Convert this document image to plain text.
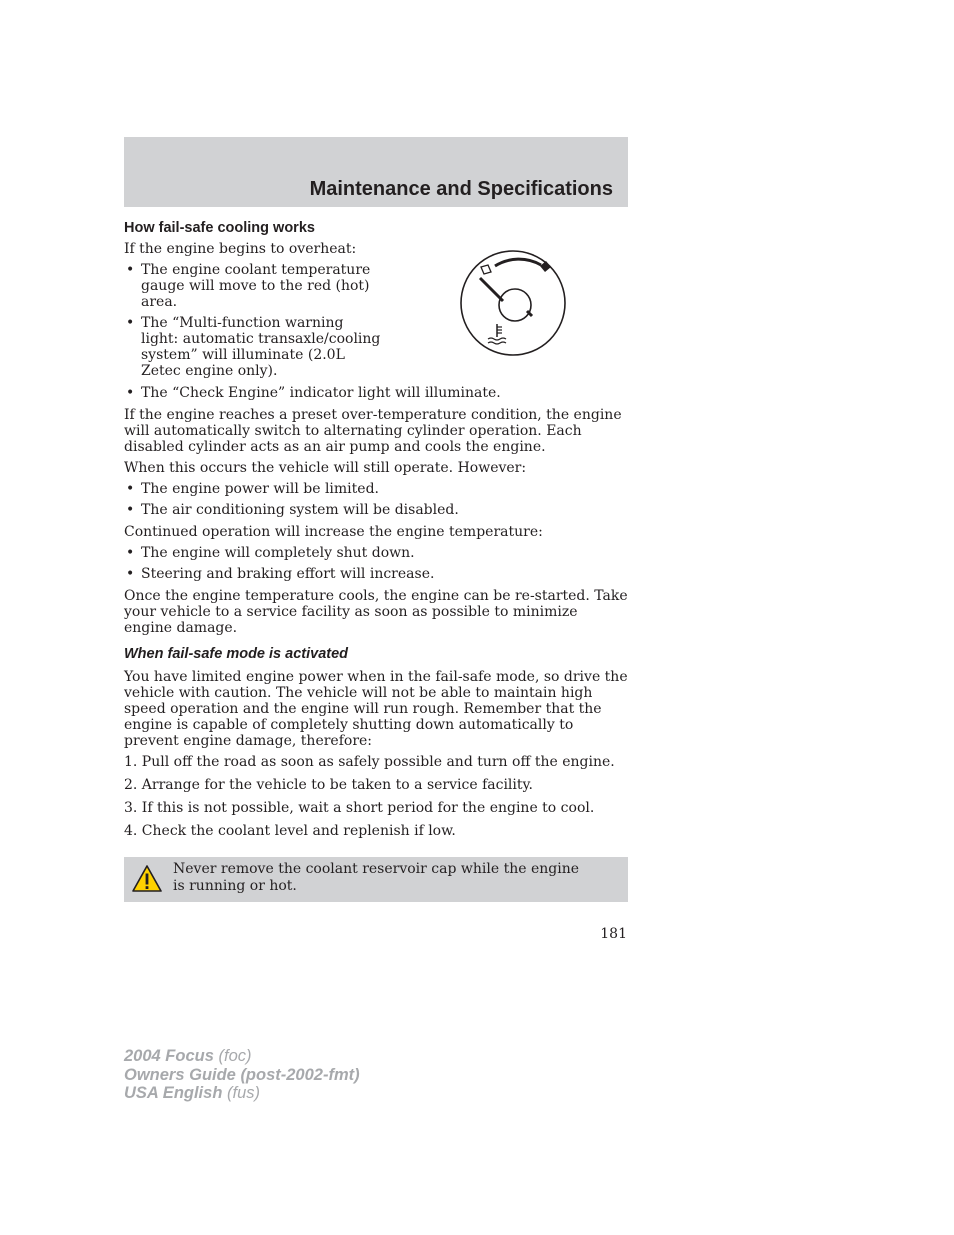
Maintenance and Specifications
How fail-safe cooling works

If the engine begins to overheat:

• The engine coolant temperature gauge will move to the red (hot) area.
• The “Multi-function warning light: automatic transaxle/cooling system” will illuminate (2.0L Zetec engine only).
• The “Check Engine” indicator light will illuminate.

If the engine reaches a preset over-temperature condition, the engine will automatically switch to alternating cylinder operation. Each disabled cylinder acts as an air pump and cools the engine.

When this occurs the vehicle will still operate. However:

• The engine power will be limited.
• The air conditioning system will be disabled.

Continued operation will increase the engine temperature:

• The engine will completely shut down.
• Steering and braking effort will increase.

Once the engine temperature cools, the engine can be re-started. Take your vehicle to a service facility as soon as possible to minimize engine damage.

When fail-safe mode is activated

You have limited engine power when in the fail-safe mode, so drive the vehicle with caution. The vehicle will not be able to maintain high speed operation and the engine will run rough. Remember that the engine is capable of completely shutting down automatically to prevent engine damage, therefore:

1. Pull off the road as soon as safely possible and turn off the engine.
2. Arrange for the vehicle to be taken to a service facility.
3. If this is not possible, wait a short period for the engine to cool.
4. Check the coolant level and replenish if low.
Never remove the coolant reservoir cap while the engine is running or hot.
181
2004 Focus (foc)
Owners Guide (post-2002-fmt)
USA English (fus)
